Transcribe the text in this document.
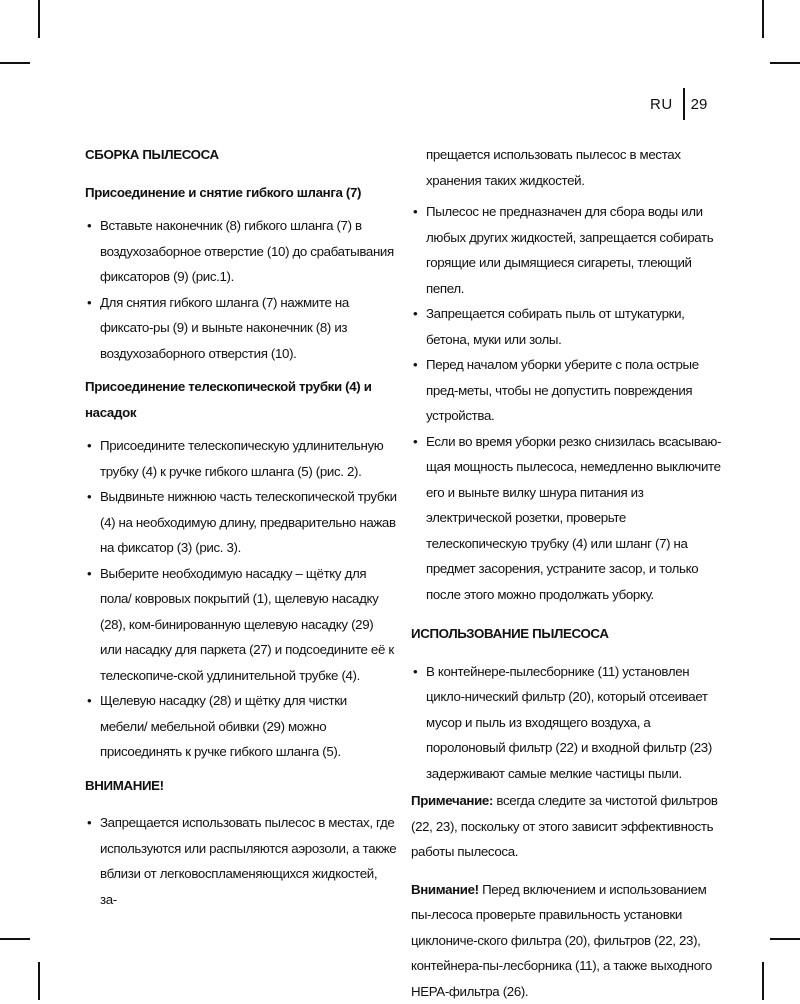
RU	29
СБОРКА ПЫЛЕСОСА
Присоединение и снятие гибкого шланга (7)
• Вставьте наконечник (8) гибкого шланга (7) в воздухозаборное отверстие (10) до срабатывания фиксаторов (9) (рис.1).
• Для снятия гибкого шланга (7) нажмите на фиксато-ры (9) и выньте наконечник (8) из воздухозаборного отверстия (10).
Присоединение телескопической трубки (4) и насадок
• Присоедините телескопическую удлинительную трубку (4) к ручке гибкого шланга (5) (рис. 2).
• Выдвиньте нижнюю часть телескопической трубки (4) на необходимую длину, предварительно нажав на фиксатор (3) (рис. 3).
• Выберите необходимую насадку – щётку для пола/ ковровых покрытий (1), щелевую насадку (28), ком-бинированную щелевую насадку (29) или насадку для паркета (27) и подсоедините её к телескопиче-ской удлинительной трубке (4).
• Щелевую насадку (28) и щётку для чистки мебели/ мебельной обивки (29) можно присоединять к ручке гибкого шланга (5).
ВНИМАНИЕ!
• Запрещается использовать пылесос в местах, где используются или распыляются аэрозоли, а также вблизи от легковоспламеняющихся жидкостей, за-

прещается использовать пылесос в местах хранения таких жидкостей.

• Пылесос не предназначен для сбора воды или любых других жидкостей, запрещается собирать горящие или дымящиеся сигареты, тлеющий пепел.
• Запрещается собирать пыль от штукатурки, бетона, муки или золы.
• Перед началом уборки уберите с пола острые пред-меты, чтобы не допустить повреждения устройства.
• Если во время уборки резко снизилась всасываю-щая мощность пылесоса, немедленно выключите его и выньте вилку шнура питания из электрической розетки, проверьте телескопическую трубку (4) или шланг (7) на предмет засорения, устраните засор, и только после этого можно продолжать уборку.
ИСПОЛЬЗОВАНИЕ ПЫЛЕСОСА
• В контейнере-пылесборнике (11) установлен цикло-нический фильтр (20), который отсеивает мусор и пыль из входящего воздуха, а поролоновый фильтр (22) и входной фильтр (23) задерживают самые мелкие частицы пыли.

Примечание: всегда следите за чистотой фильтров (22, 23), поскольку от этого зависит эффективность работы пылесоса.

Внимание! Перед включением и использованием пы-лесоса проверьте правильность установки циклониче-ского фильтра (20), фильтров (22, 23), контейнера-пы-лесборника (11), а также выходного HEPA-фильтра (26).
